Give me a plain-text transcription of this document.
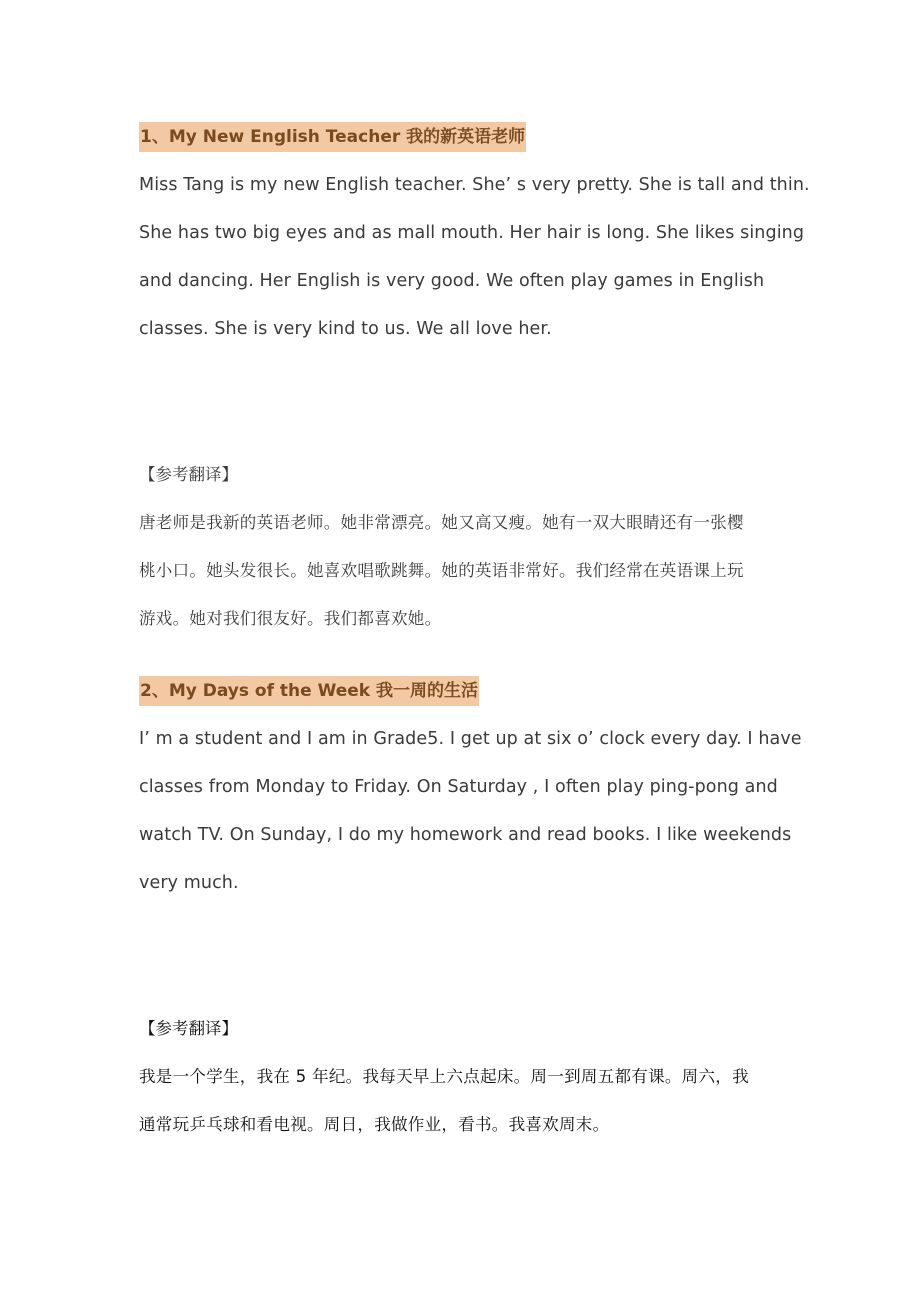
1、My New English Teacher 我的新英语老师
Miss Tang is my new English teacher. She’ s very pretty. She is tall and thin.
She has two big eyes and as mall mouth. Her hair is long. She likes singing
and dancing. Her English is very good. We often play games in English
classes. She is very kind to us. We all love her.
【参考翻译】
唐老师是我新的英语老师。她非常漂亮。她又高又瘦。她有一双大眼睛还有一张樱
桃小口。她头发很长。她喜欢唱歌跳舞。她的英语非常好。我们经常在英语课上玩
游戏。她对我们很友好。我们都喜欢她。
2、My Days of the Week 我一周的生活
I’ m a student and I am in Grade5. I get up at six o’ clock every day. I have
classes from Monday to Friday. On Saturday , I often play ping-pong and
watch TV. On Sunday, I do my homework and read books. I like weekends
very much.
【参考翻译】
我是一个学生，我在 5 年纪。我每天早上六点起床。周一到周五都有课。周六，我
通常玩乒乓球和看电视。周日，我做作业，看书。我喜欢周末。
